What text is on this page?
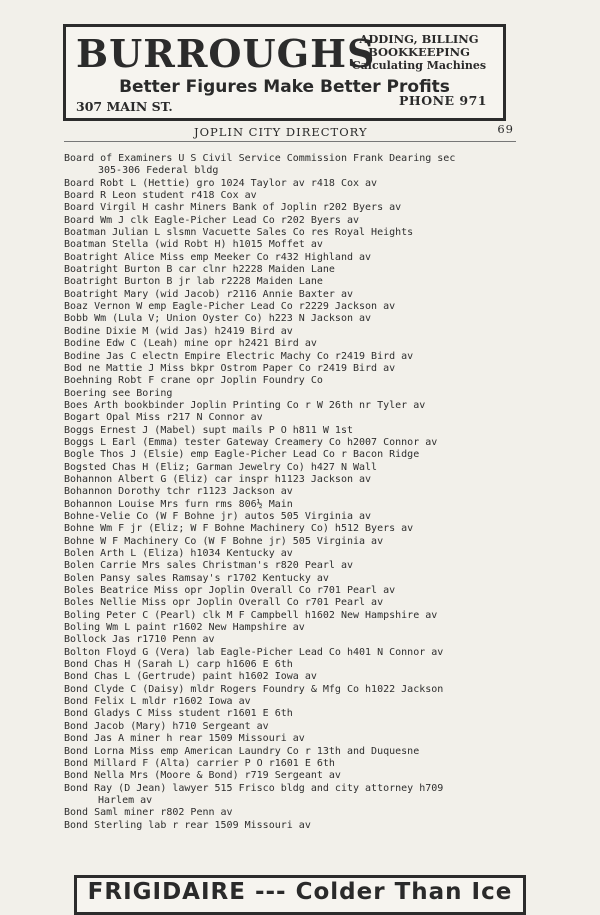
BURROUGHS
ADDING, BILLING
BOOKKEEPING
Calculating Machines
Better Figures Make Better Profits
307 MAIN ST.	PHONE 971
JOPLIN CITY DIRECTORY	69
Board of Examiners U S Civil Service Commission Frank Dearing sec
305-306 Federal bldg
Board Robt L (Hettie) gro 1024 Taylor av r418 Cox av
Board R Leon student r418 Cox av
Board Virgil H cashr Miners Bank of Joplin r202 Byers av
Board Wm J clk Eagle-Picher Lead Co r202 Byers av
Boatman Julian L slsmn Vacuette Sales Co res Royal Heights
Boatman Stella (wid Robt H) h1015 Moffet av
Boatright Alice Miss emp Meeker Co r432 Highland av
Boatright Burton B car clnr h2228 Maiden Lane
Boatright Burton B jr lab r2228 Maiden Lane
Boatright Mary (wid Jacob) r2116 Annie Baxter av
Boaz Vernon W emp Eagle-Picher Lead Co r2229 Jackson av
Bobb Wm (Lula V; Union Oyster Co) h223 N Jackson av
Bodine Dixie M (wid Jas) h2419 Bird av
Bodine Edw C (Leah) mine opr h2421 Bird av
Bodine Jas C electn Empire Electric Machy Co r2419 Bird av
Bod ne Mattie J Miss bkpr Ostrom Paper Co r2419 Bird av
Boehning Robt F crane opr Joplin Foundry Co
Boering see Boring
Boes Arth bookbinder Joplin Printing Co r W 26th nr Tyler av
Bogart Opal Miss r217 N Connor av
Boggs Ernest J (Mabel) supt mails P O h811 W 1st
Boggs L Earl (Emma) tester Gateway Creamery Co h2007 Connor av
Bogle Thos J (Elsie) emp Eagle-Picher Lead Co r Bacon Ridge
Bogsted Chas H (Eliz; Garman Jewelry Co) h427 N Wall
Bohannon Albert G (Eliz) car inspr h1123 Jackson av
Bohannon Dorothy tchr r1123 Jackson av
Bohannon Louise Mrs furn rms 806½ Main
Bohne-Velie Co (W F Bohne jr) autos 505 Virginia av
Bohne Wm F jr (Eliz; W F Bohne Machinery Co) h512 Byers av
Bohne W F Machinery Co (W F Bohne jr) 505 Virginia av
Bolen Arth L (Eliza) h1034 Kentucky av
Bolen Carrie Mrs sales Christman's r820 Pearl av
Bolen Pansy sales Ramsay's r1702 Kentucky av
Boles Beatrice Miss opr Joplin Overall Co r701 Pearl av
Boles Nellie Miss opr Joplin Overall Co r701 Pearl av
Boling Peter C (Pearl) clk M F Campbell h1602 New Hampshire av
Boling Wm L paint r1602 New Hampshire av
Bollock Jas r1710 Penn av
Bolton Floyd G (Vera) lab Eagle-Picher Lead Co h401 N Connor av
Bond Chas H (Sarah L) carp h1606 E 6th
Bond Chas L (Gertrude) paint h1602 Iowa av
Bond Clyde C (Daisy) mldr Rogers Foundry & Mfg Co h1022 Jackson
Bond Felix L mldr r1602 Iowa av
Bond Gladys C Miss student r1601 E 6th
Bond Jacob (Mary) h710 Sergeant av
Bond Jas A miner h rear 1509 Missouri av
Bond Lorna Miss emp American Laundry Co r 13th and Duquesne
Bond Millard F (Alta) carrier P O r1601 E 6th
Bond Nella Mrs (Moore & Bond) r719 Sergeant av
Bond Ray (D Jean) lawyer 515 Frisco bldg and city attorney h709
Harlem av
Bond Saml miner r802 Penn av
Bond Sterling lab r rear 1509 Missouri av
FRIGIDAIRE --- Colder Than Ice
